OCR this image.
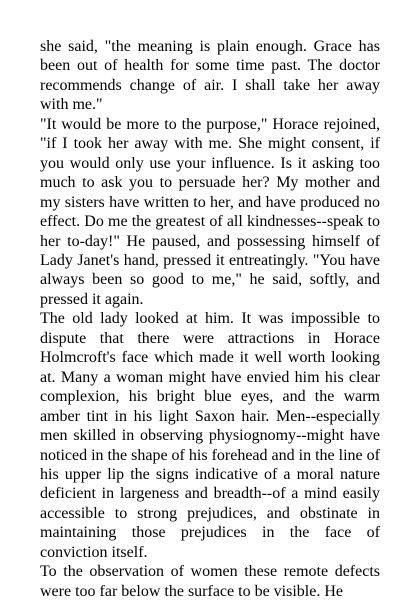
she said, "the meaning is plain enough. Grace has been out of health for some time past. The doctor recommends change of air. I shall take her away with me."

"It would be more to the purpose," Horace rejoined, "if I took her away with me. She might consent, if you would only use your influence. Is it asking too much to ask you to persuade her? My mother and my sisters have written to her, and have produced no effect. Do me the greatest of all kindnesses--speak to her to-day!" He paused, and possessing himself of Lady Janet's hand, pressed it entreatingly. "You have always been so good to me," he said, softly, and pressed it again.

The old lady looked at him. It was impossible to dispute that there were attractions in Horace Holmcroft's face which made it well worth looking at. Many a woman might have envied him his clear complexion, his bright blue eyes, and the warm amber tint in his light Saxon hair. Men--especially men skilled in observing physiognomy--might have noticed in the shape of his forehead and in the line of his upper lip the signs indicative of a moral nature deficient in largeness and breadth--of a mind easily accessible to strong prejudices, and obstinate in maintaining those prejudices in the face of conviction itself.

To the observation of women these remote defects were too far below the surface to be visible. He
